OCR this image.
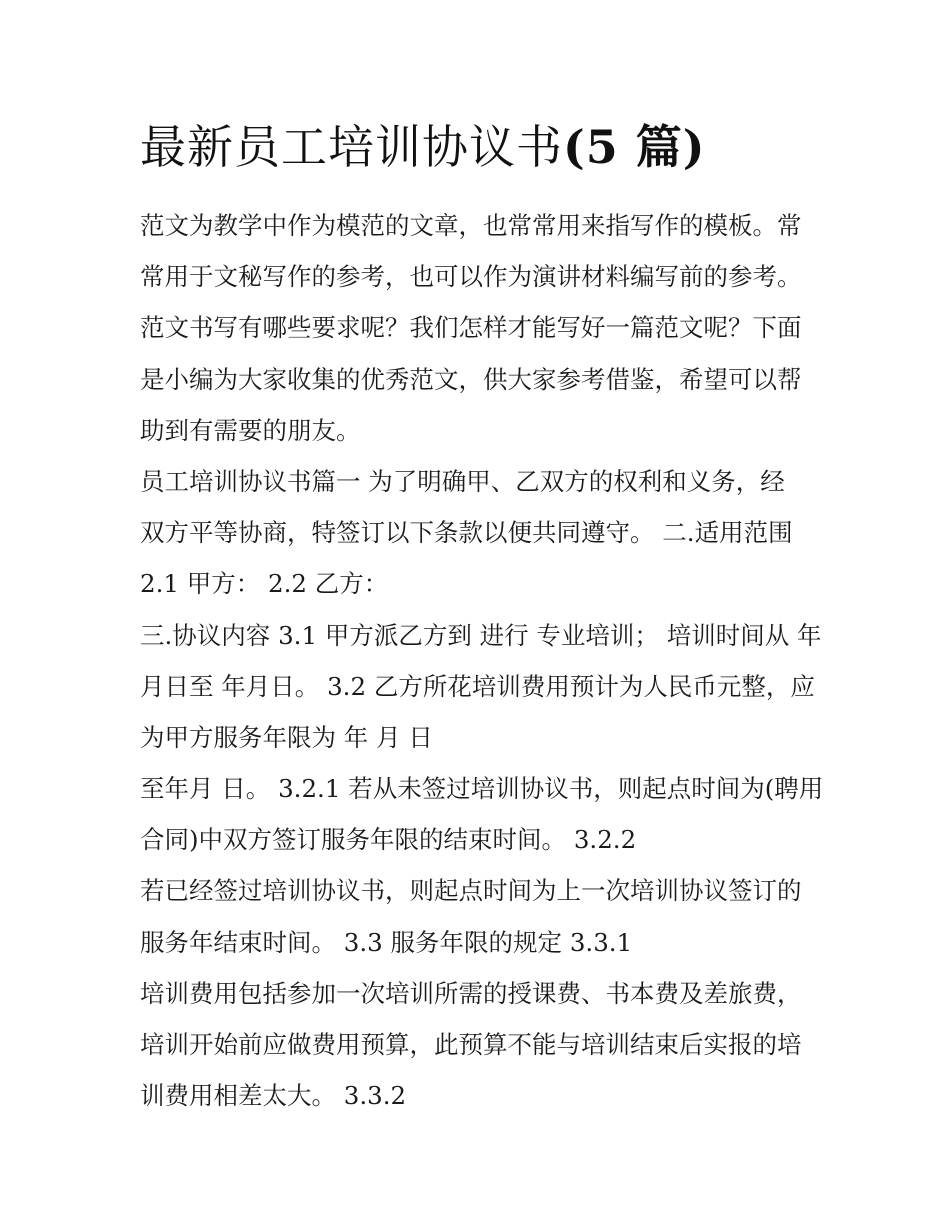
最新员工培训协议书(5 篇)
范文为教学中作为模范的文章，也常常用来指写作的模板。常
常用于文秘写作的参考，也可以作为演讲材料编写前的参考。
范文书写有哪些要求呢？我们怎样才能写好一篇范文呢？下面
是小编为大家收集的优秀范文，供大家参考借鉴，希望可以帮
助到有需要的朋友。
员工培训协议书篇一 为了明确甲、乙双方的权利和义务，经
双方平等协商，特签订以下条款以便共同遵守。 二.适用范围
2.1 甲方： 2.2 乙方：
三.协议内容 3.1 甲方派乙方到 进行 专业培训； 培训时间从 年
月日至 年月日。 3.2 乙方所花培训费用预计为人民币元整，应
为甲方服务年限为 年 月 日
至年月 日。 3.2.1 若从未签过培训协议书，则起点时间为(聘用
合同)中双方签订服务年限的结束时间。 3.2.2
若已经签过培训协议书，则起点时间为上一次培训协议签订的
服务年结束时间。 3.3 服务年限的规定 3.3.1
培训费用包括参加一次培训所需的授课费、书本费及差旅费，
培训开始前应做费用预算，此预算不能与培训结束后实报的培
训费用相差太大。 3.3.2
